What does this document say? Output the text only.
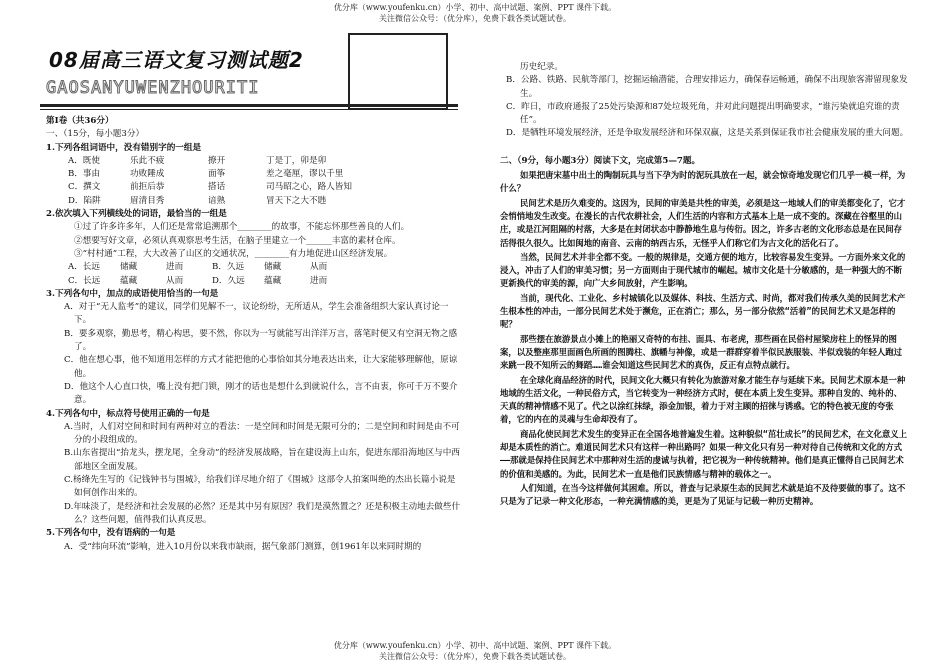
优分库（www.youfenku.cn）小学、初中、高中试题、案例、PPT 课件下载。
关注微信公众号：（优分库），免费下载各类试题试卷。
08届高三语文复习测试题2
GAOSANYUWENZHOURITI

第Ⅰ卷（共36分）

一、（15分，每小题3分）

1.下列各组词语中，没有错别字的一组是

A．既使	乐此不疲	撩开	丁是丁，卯是卯
B．事由	功败陲成	面筝	差之毫厘，谬以千里
C．撰文	前拒后恭	搭话	司马昭之心，路人皆知
D．陷阱	眉清目秀	谙熟	冒天下之大不韪

2.依次填入下列横线处的词语，最恰当的一组是

①过了许多许多年，人们还是常常追溯那个________的故事，不能忘怀那些善良的人们。

②想要写好文章，必须认真观察思考生活，在脑子里建立一个______丰富的素材仓库。

③“村村通”工程，大大改善了山区的交通状况，________有力地促进山区经济发展。

A．长远	储藏	进而	B．久远	储藏	从而
C．长远	蕴藏	从而	D．久远	蕴藏	进而

3.下列各句中，加点的成语使用恰当的一句是

A．对于“无人监考”的建议，同学们见解不一，议论纷纷，无所适从，学生会准备组织大家认真讨论一下。

B．要多观察，勤思考，精心构思，要不然，你以为一写就能写出洋洋万言，落笔时便又有空洞无物之感了。

C．他在想心事，他不知道用怎样的方式才能把他的心事恰如其分地表达出来，让大家能够理解他，原谅他。

D．他这个人心直口快，嘴上没有把门锁，刚才的话也是想什么到就说什么，言不由衷，你可千万不要介意。

4.下列各句中，标点符号使用正确的一句是

A.当时，人们对空间和时间有两种对立的看法：一是空间和时间是无限可分的；二是空间和时间是由不可分的小段组成的。

B.山东省提出“抬龙头，摆龙尾，全身动”的经济发展战略，旨在建设海上山东，促进东部沿海地区与中西部地区全面发展。

C.杨绛先生写的《记钱钟书与围城》，给我们详尽地介绍了《围城》这部令人拍案叫绝的杰出长篇小说是如何创作出来的。

D.年味淡了，是经济和社会发展的必然？还是其中另有原因？我们是漠然置之？还是积极主动地去做些什么？这些问题，值得我们认真反思。

5.下列各句中，没有语病的一句是

A．受“纬向环流”影响，进入10月份以来我市缺雨，据气象部门测算，创1961年以来同时期的

历史纪录。

B．公路、铁路、民航等部门，挖掘运输潜能，合理安排运力，确保春运畅通，确保不出现旅客滞留现象发生。

C．昨日，市政府通报了25处污染源和87处垃圾死角，并对此问题提出明确要求，“谁污染就追究谁的责任”。

D．是牺牲环境发展经济，还是争取发展经济和环保双赢，这是关系到保证我市社会健康发展的重大问题。

二、（9分，每小题3分）阅读下文，完成第5—7题。

如果把唐宋墓中出土的陶制玩具与当下孕为时的泥玩具放在一起，就会惊奇地发现它们几乎一模一样，为什么？

民间艺术是历久难变的。这因为，民间的审美是共性的审美，必须是这一地域人们的审美都变化了，它才会悄悄地发生改变。在漫长的古代农耕社会，人们生活的内容和方式基本上是一成不变的。深藏在谷壑里的山庄，或是江河阻隔的村落，大多是在封闭状态中静静地生息与传衍。因之，许多古老的文化形态总是在民间存活得很久很久。比如闽地的南音、云南的纳西古乐，无怪乎人们称它们为古文化的活化石了。

当然，民间艺术并非全都不变。一般的规律是，交通方便的地方，比较容易发生变异。一方面外来文化的浸入，冲击了人们的审美习惯；另一方面则由于现代城市的崛起。城市文化是十分敏感的，是一种强大的不断更新换代的审美的源，向广大乡间放射，产生影响。

当前，现代化、工业化、乡村城镇化以及媒体、科技、生活方式、时尚，都对我们传承久美的民间艺术产生根本性的冲击，一部分民间艺术处于濒危，正在消亡；那么，另一部分依然“活着”的民间艺术又是怎样的呢？

那些摆在旅游景点小摊上的艳丽又奇特的布挂、面具、布老虎，那些画在民俗村屋梁房柱上的怪异的图案，以及整座那里面画色所画的图腾柱、旗幡与神像，或是一群群穿着半似民族服装、半似戏装的年轻人跑过来跳一段不知所云的舞蹈……谁会知道这些民间艺术的真伪，反正有点特点就行。

在全球化商品经济的时代，民间文化大概只有转化为旅游对象才能生存与延续下来。民间艺术原本是一种地域的生活文化，一种民俗方式，当它转变为一种经济方式时，便在本质上发生变异。那种自发的、纯朴的、天真的精神情感不见了。代之以涂红抹绿，添金加银，着力于对主顾的招徕与诱惑。它的特色被无度的夸张着，它的内在的灵魂与生命却没有了。

商品化使民间艺术发生的变异正在全国各地普遍发生着。这种貌似“茁壮成长”的民间艺术，在文化意义上却是本质性的消亡。难道民间艺术只有这样一种出路吗？如果一种文化只有另一种对待自己传统和文化的方式——那就是保持住民间艺术中那种对生活的虔诚与执着，把它视为一种传统精神。他们是真正懂得自己民间艺术的价值和美感的。为此，民间艺术一直是他们民族情感与精神的载体之一。

人们知道，在当今这样做何其困难。所以，普查与记录原生态的民间艺术就是迫不及待要做的事了。这不只是为了记录一种文化形态，一种充满情感的美，更是为了见证与记载一种历史精神。

优分库（www.youfenku.cn）小学、初中、高中试题、案例、PPT 课件下载。
关注微信公众号：（优分库），免费下载各类试题试卷。
